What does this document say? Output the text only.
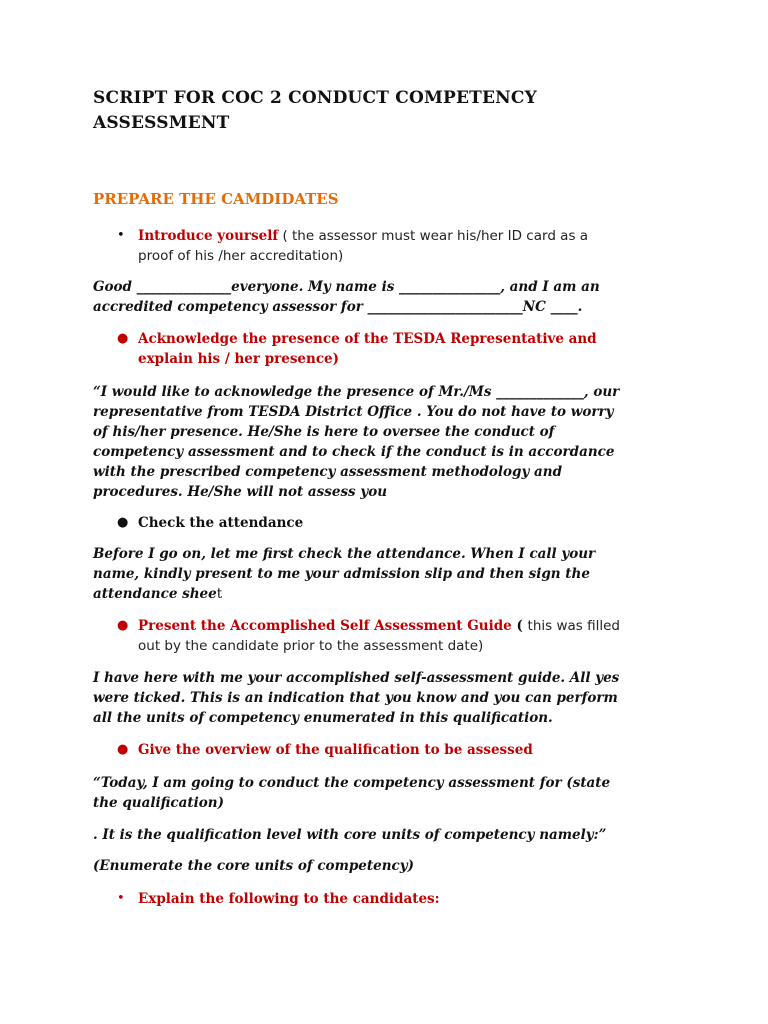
SCRIPT FOR COC 2 CONDUCT COMPETENCY
ASSESSMENT
PREPARE THE CAMDIDATES
• Introduce yourself ( the assessor must wear his/her ID card as a
proof of his /her accreditation)
Good ______________everyone. My name is _______________, and I am an
accredited competency assessor for _______________________NC ____.
● Acknowledge the presence of the TESDA Representative and
explain his / her presence)
“I would like to acknowledge the presence of Mr./Ms _____________, our
representative from TESDA District Office . You do not have to worry
of his/her presence. He/She is here to oversee the conduct of
competency assessment and to check if the conduct is in accordance
with the prescribed competency assessment methodology and
procedures. He/She will not assess you
● Check the attendance
Before I go on, let me first check the attendance. When I call your
name, kindly present to me your admission slip and then sign the
attendance sheet
● Present the Accomplished Self Assessment Guide ( this was filled
out by the candidate prior to the assessment date)
I have here with me your accomplished self-assessment guide. All yes
were ticked. This is an indication that you know and you can perform
all the units of competency enumerated in this qualification.
● Give the overview of the qualification to be assessed
“Today, I am going to conduct the competency assessment for (state
the qualification)
. It is the qualification level with core units of competency namely:”
(Enumerate the core units of competency)
• Explain the following to the candidates:
